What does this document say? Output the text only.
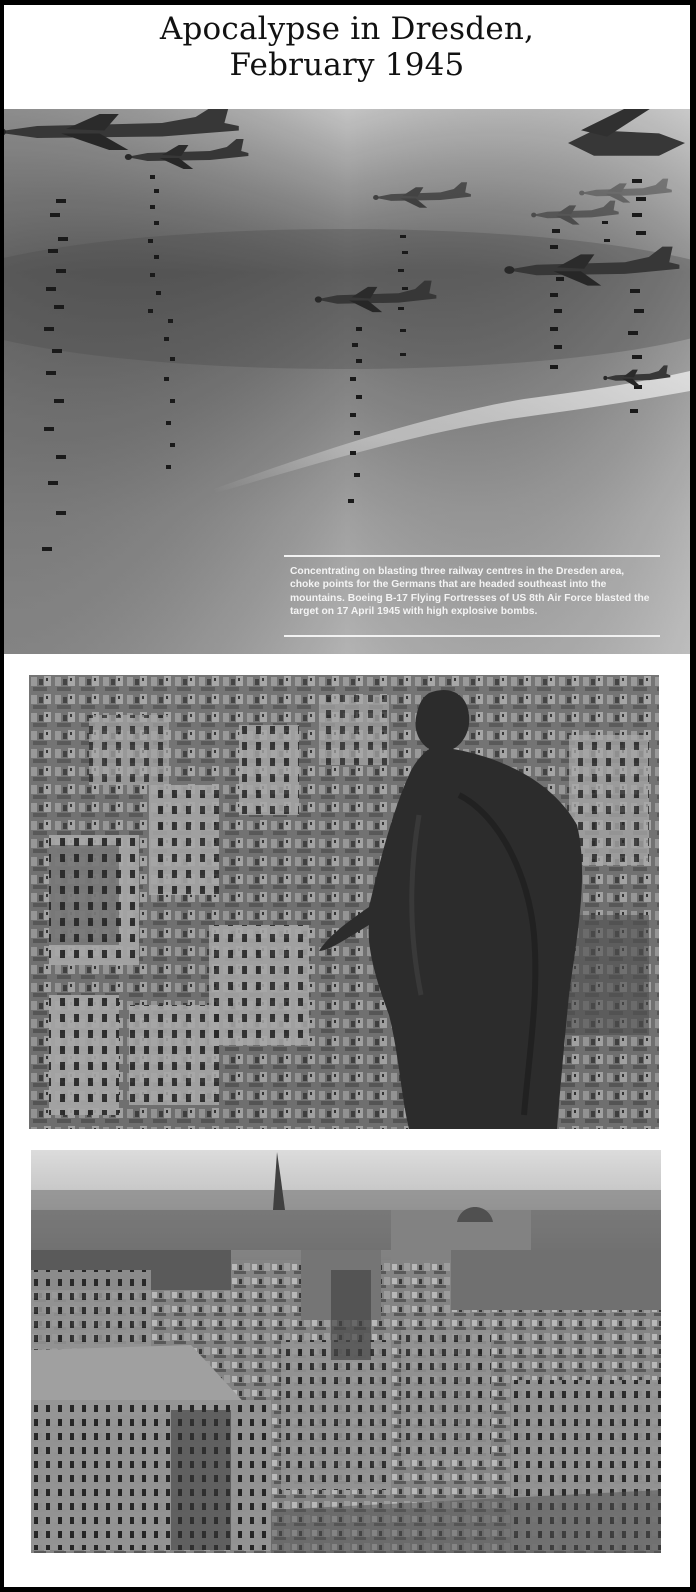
Apocalypse in Dresden,
February 1945
Concentrating on blasting three railway centres in the Dresden area, choke points for the Germans that are headed southeast into the mountains. Boeing B-17 Flying Fortresses of US 8th Air Force blasted the target on 17 April 1945 with high explosive bombs.
